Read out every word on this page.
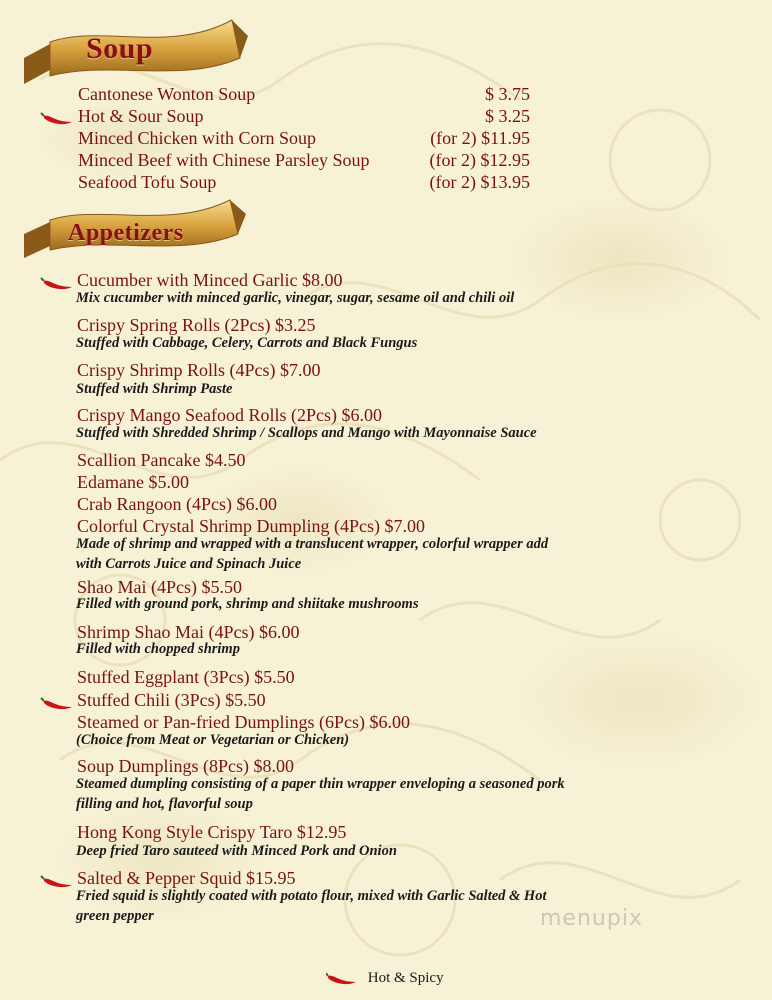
Soup
Cantonese Wonton Soup	$ 3.75
Hot & Sour Soup	$ 3.25
Minced Chicken with Corn Soup	(for 2) $11.95
Minced Beef with Chinese Parsley Soup	(for 2) $12.95
Seafood Tofu Soup	(for 2) $13.95
Appetizers
Cucumber with Minced Garlic $8.00
Mix cucumber with minced garlic, vinegar, sugar, sesame oil and chili oil
Crispy Spring Rolls (2Pcs) $3.25
Stuffed with Cabbage, Celery, Carrots and Black Fungus
Crispy Shrimp Rolls (4Pcs) $7.00
Stuffed with Shrimp Paste
Crispy Mango Seafood Rolls (2Pcs) $6.00
Stuffed with Shredded Shrimp / Scallops and Mango with Mayonnaise Sauce
Scallion Pancake $4.50
Edamane $5.00
Crab Rangoon (4Pcs) $6.00
Colorful Crystal Shrimp Dumpling (4Pcs) $7.00
Made of shrimp and wrapped with a translucent wrapper, colorful wrapper add
with Carrots Juice and Spinach Juice
Shao Mai (4Pcs) $5.50
Filled with ground pork, shrimp and shiitake mushrooms
Shrimp Shao Mai (4Pcs) $6.00
Filled with chopped shrimp
Stuffed Eggplant (3Pcs) $5.50
Stuffed Chili (3Pcs) $5.50
Steamed or Pan-fried Dumplings (6Pcs) $6.00
(Choice from Meat or Vegetarian or Chicken)
Soup Dumplings (8Pcs) $8.00
Steamed dumpling consisting of a paper thin wrapper enveloping a seasoned pork
filling and hot, flavorful soup
Hong Kong Style Crispy Taro $12.95
Deep fried Taro sauteed with Minced Pork and Onion
Salted & Pepper Squid $15.95
Fried squid is slightly coated with potato flour, mixed with Garlic Salted & Hot
green pepper	menupix
Hot & Spicy
